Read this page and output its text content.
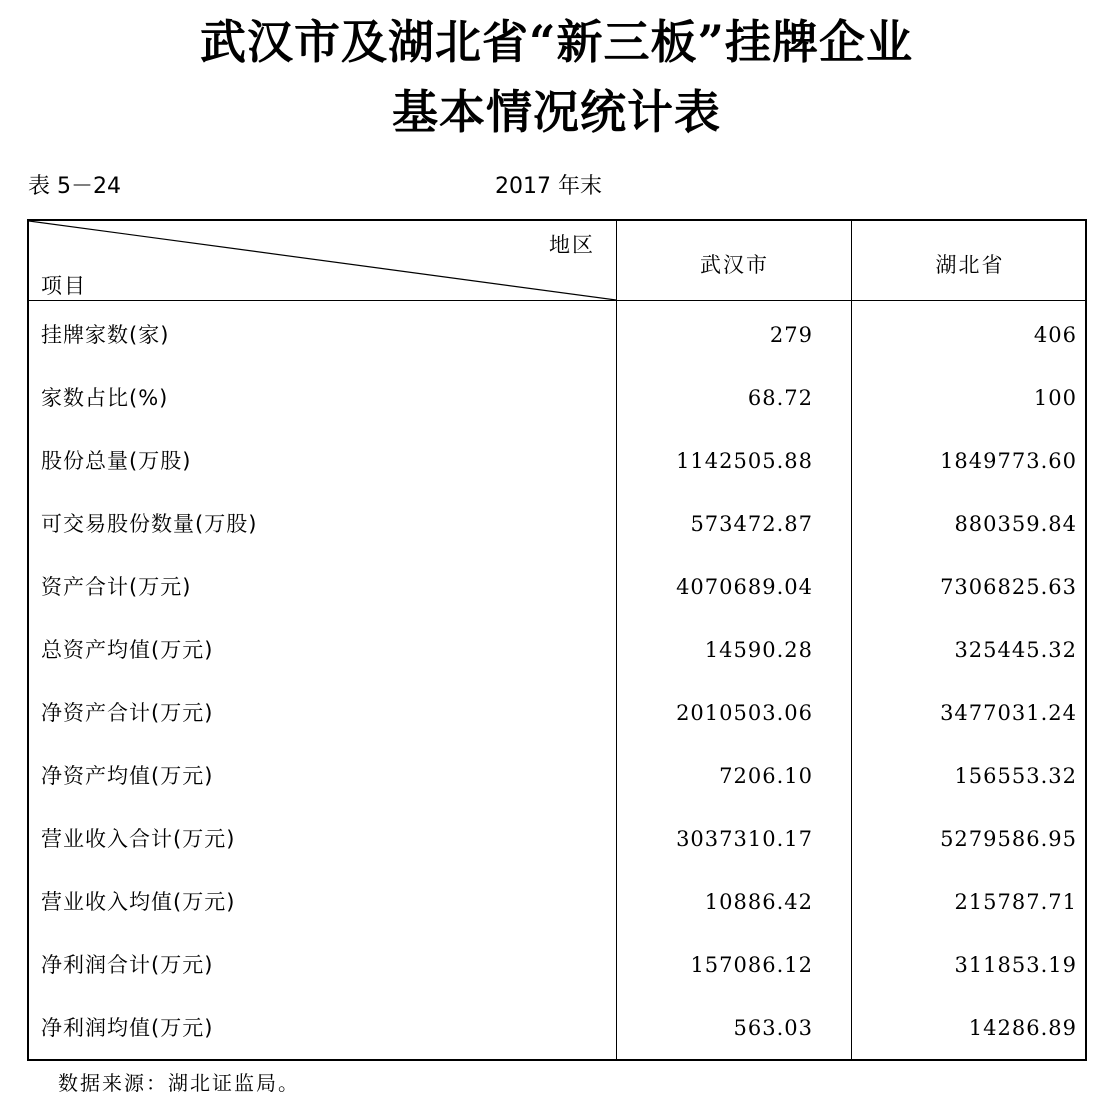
武汉市及湖北省“新三板”挂牌企业
基本情况统计表
表 5－24	2017 年末
地区
项目
武汉市	湖北省
挂牌家数(家)	279	406
家数占比(%)	68.72	100
股份总量(万股)	1142505.88	1849773.60
可交易股份数量(万股)	573472.87	880359.84
资产合计(万元)	4070689.04	7306825.63
总资产均值(万元)	14590.28	325445.32
净资产合计(万元)	2010503.06	3477031.24
净资产均值(万元)	7206.10	156553.32
营业收入合计(万元)	3037310.17	5279586.95
营业收入均值(万元)	10886.42	215787.71
净利润合计(万元)	157086.12	311853.19
净利润均值(万元)	563.03	14286.89
数据来源：湖北证监局。
